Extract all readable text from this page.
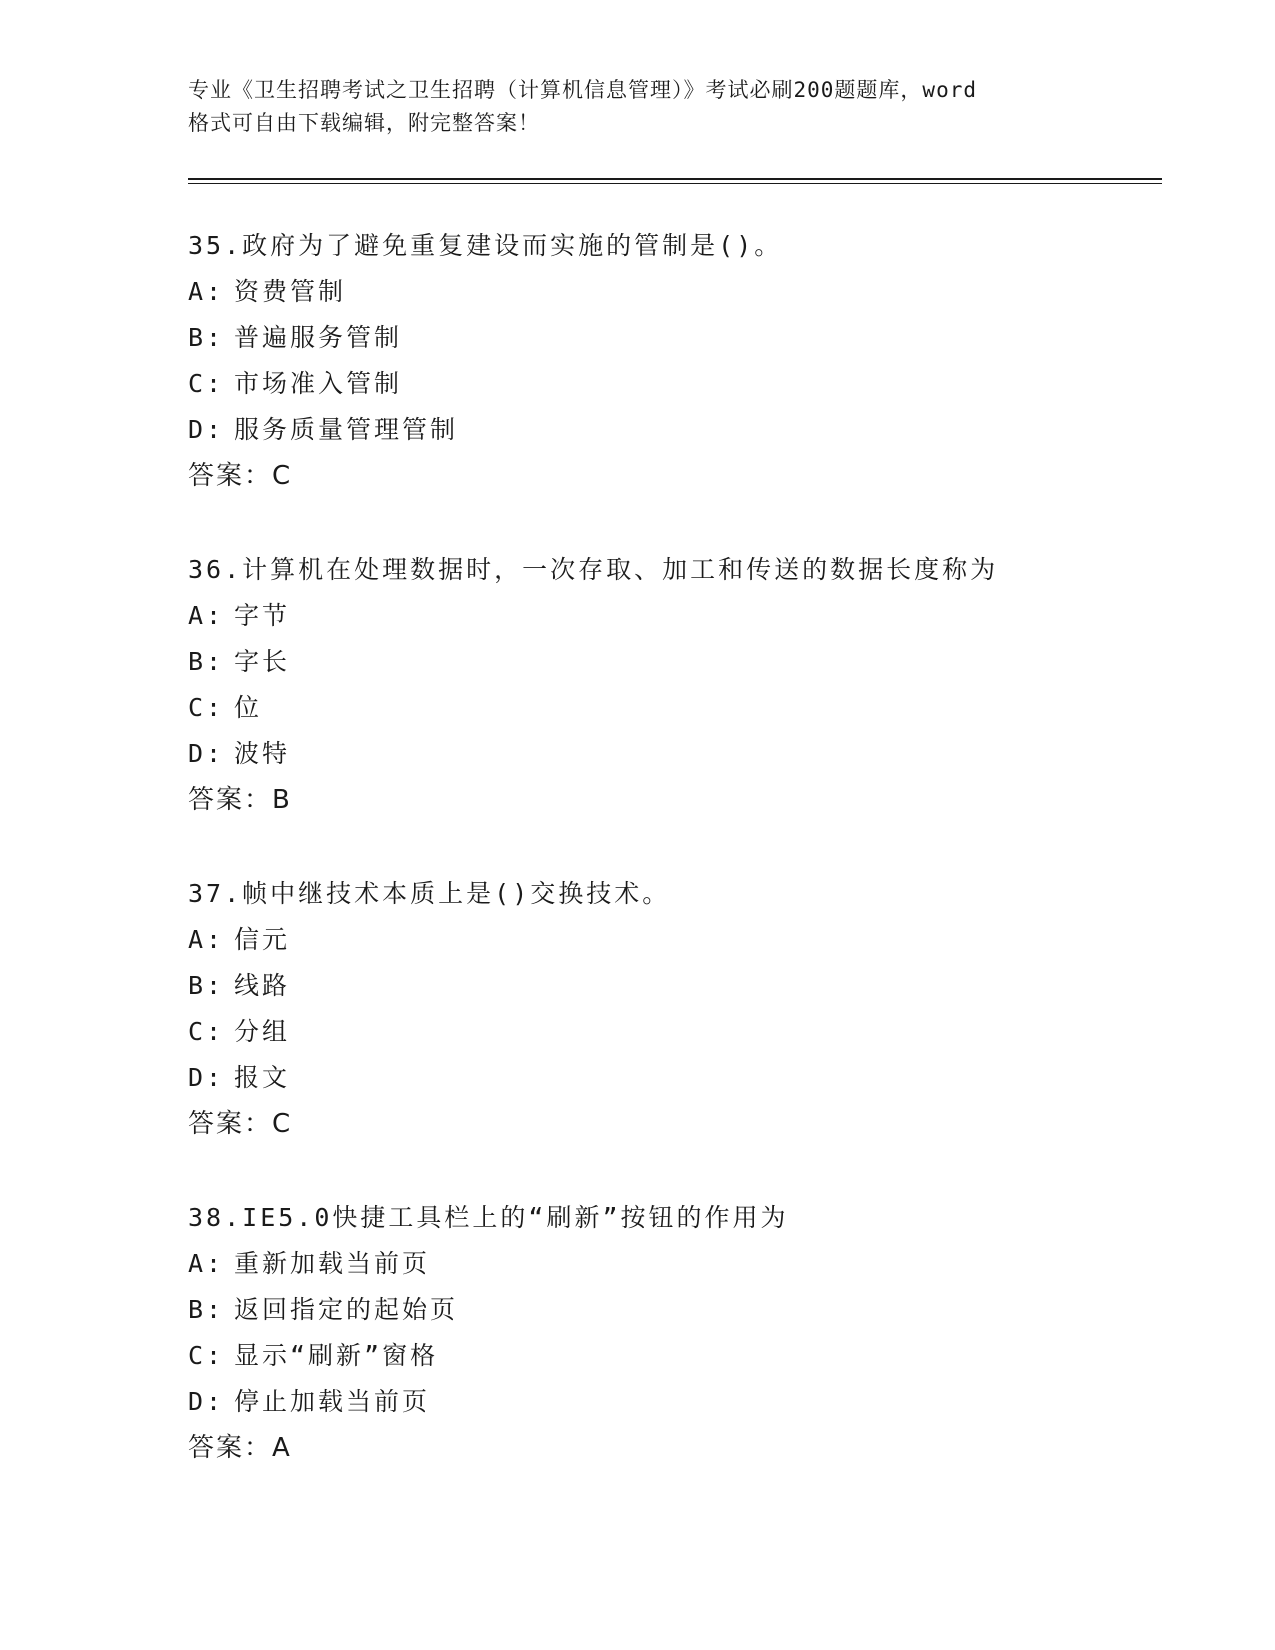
专业《卫生招聘考试之卫生招聘（计算机信息管理）》考试必刷200题题库，word
格式可自由下载编辑，附完整答案！
35.政府为了避免重复建设而实施的管制是()。
A: 资费管制
B: 普遍服务管制
C: 市场准入管制
D: 服务质量管理管制
答案：C
36.计算机在处理数据时，一次存取、加工和传送的数据长度称为
A: 字节
B: 字长
C: 位
D: 波特
答案：B
37.帧中继技术本质上是()交换技术。
A: 信元
B: 线路
C: 分组
D: 报文
答案：C
38.IE5.0快捷工具栏上的“刷新”按钮的作用为
A: 重新加载当前页
B: 返回指定的起始页
C: 显示“刷新”窗格
D: 停止加载当前页
答案：A
